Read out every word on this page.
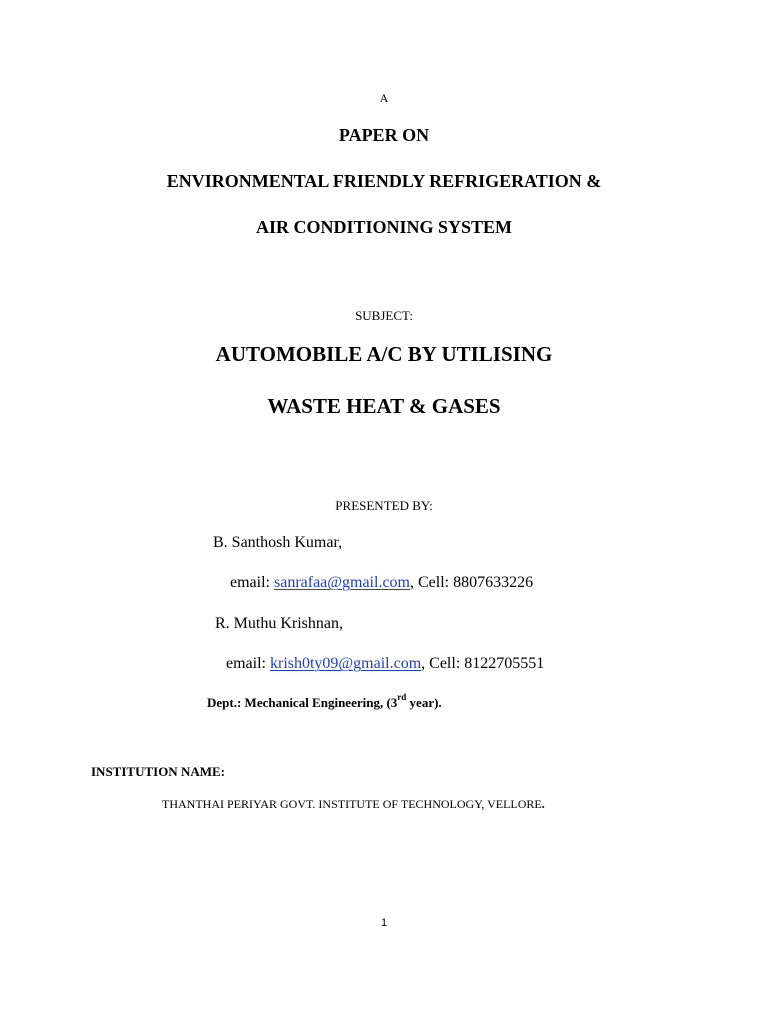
A
PAPER ON
ENVIRONMENTAL FRIENDLY REFRIGERATION &
AIR CONDITIONING SYSTEM
SUBJECT:
AUTOMOBILE A/C BY UTILISING
WASTE HEAT & GASES
PRESENTED BY:
B. Santhosh Kumar,
email: sanrafaa@gmail.com, Cell: 8807633226
R. Muthu Krishnan,
email: krish0ty09@gmail.com, Cell: 8122705551
Dept.: Mechanical Engineering, (3rd year).
INSTITUTION NAME:
THANTHAI PERIYAR GOVT. INSTITUTE OF TECHNOLOGY, VELLORE.
1
